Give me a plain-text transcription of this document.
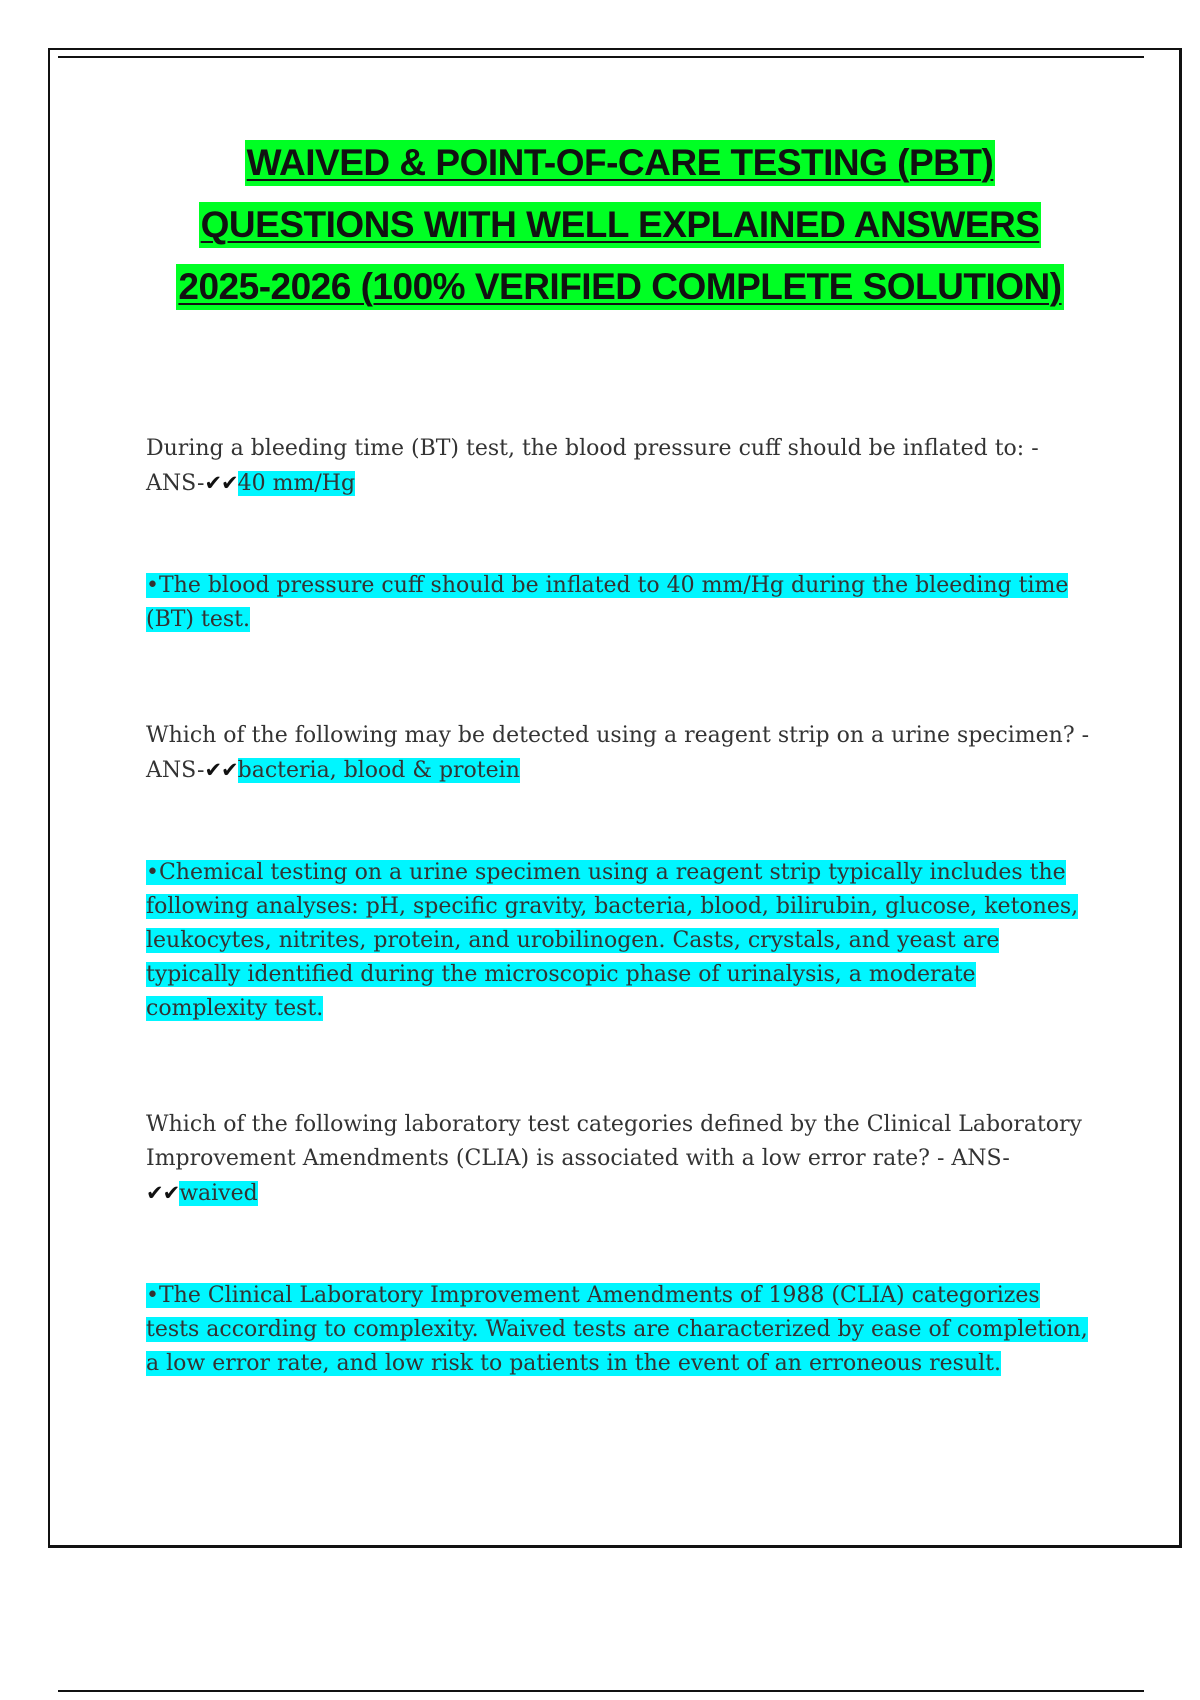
WAIVED & POINT-OF-CARE TESTING (PBT)
QUESTIONS WITH WELL EXPLAINED ANSWERS
2025-2026 (100% VERIFIED COMPLETE SOLUTION)

During a bleeding time (BT) test, the blood pressure cuff should be inflated to: - ANS-✔✔40 mm/Hg

•The blood pressure cuff should be inflated to 40 mm/Hg during the bleeding time (BT) test.

Which of the following may be detected using a reagent strip on a urine specimen? - ANS-✔✔bacteria, blood & protein

•Chemical testing on a urine specimen using a reagent strip typically includes the following analyses: pH, specific gravity, bacteria, blood, bilirubin, glucose, ketones, leukocytes, nitrites, protein, and urobilinogen. Casts, crystals, and yeast are typically identified during the microscopic phase of urinalysis, a moderate complexity test.

Which of the following laboratory test categories defined by the Clinical Laboratory Improvement Amendments (CLIA) is associated with a low error rate? - ANS-✔✔waived

•The Clinical Laboratory Improvement Amendments of 1988 (CLIA) categorizes tests according to complexity. Waived tests are characterized by ease of completion, a low error rate, and low risk to patients in the event of an erroneous result.
